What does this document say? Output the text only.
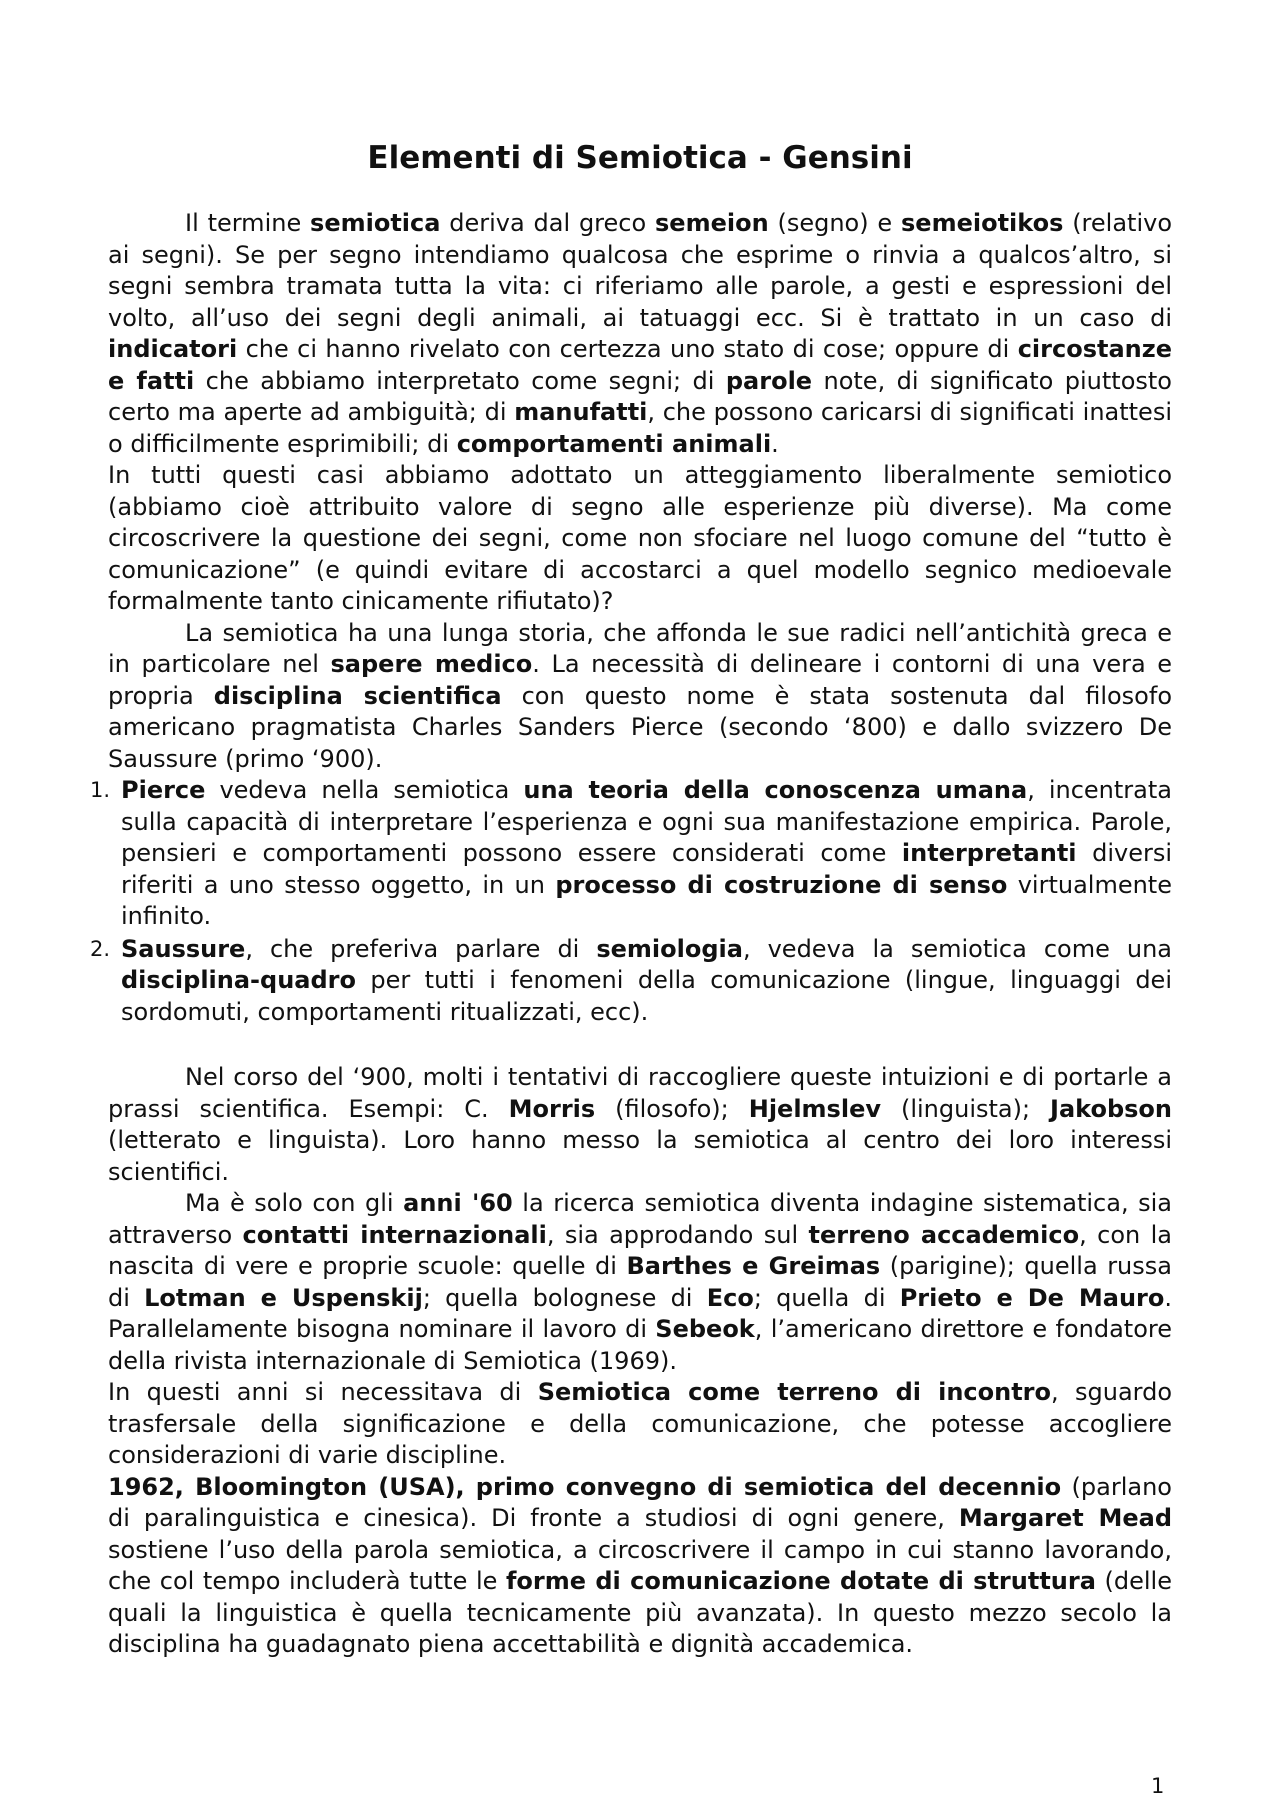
Elementi di Semiotica - Gensini

Il termine semiotica deriva dal greco semeion (segno) e semeiotikos (relativo ai segni). Se per segno intendiamo qualcosa che esprime o rinvia a qualcos’altro, si segni sembra tramata tutta la vita: ci riferiamo alle parole, a gesti e espressioni del volto, all’uso dei segni degli animali, ai tatuaggi ecc. Si è trattato in un caso di indicatori che ci hanno rivelato con certezza uno stato di cose; oppure di circostanze e fatti che abbiamo interpretato come segni; di parole note, di significato piuttosto certo ma aperte ad ambiguità; di manufatti, che possono caricarsi di significati inattesi o difficilmente esprimibili; di comportamenti animali.

In tutti questi casi abbiamo adottato un atteggiamento liberalmente semiotico (abbiamo cioè attribuito valore di segno alle esperienze più diverse). Ma come circoscrivere la questione dei segni, come non sfociare nel luogo comune del “tutto è comunicazione” (e quindi evitare di accostarci a quel modello segnico medioevale formalmente tanto cinicamente rifiutato)?

La semiotica ha una lunga storia, che affonda le sue radici nell’antichità greca e in particolare nel sapere medico. La necessità di delineare i contorni di una vera e propria disciplina scientifica con questo nome è stata sostenuta dal filosofo americano pragmatista Charles Sanders Pierce (secondo ‘800) e dallo svizzero De Saussure (primo ‘900).

1. Pierce vedeva nella semiotica una teoria della conoscenza umana, incentrata sulla capacità di interpretare l’esperienza e ogni sua manifestazione empirica. Parole, pensieri e comportamenti possono essere considerati come interpretanti diversi riferiti a uno stesso oggetto, in un processo di costruzione di senso virtualmente infinito.
2. Saussure, che preferiva parlare di semiologia, vedeva la semiotica come una disciplina-quadro per tutti i fenomeni della comunicazione (lingue, linguaggi dei sordomuti, comportamenti ritualizzati, ecc).

Nel corso del ‘900, molti i tentativi di raccogliere queste intuizioni e di portarle a prassi scientifica. Esempi: C. Morris (filosofo); Hjelmslev (linguista); Jakobson (letterato e linguista). Loro hanno messo la semiotica al centro dei loro interessi scientifici.

Ma è solo con gli anni '60 la ricerca semiotica diventa indagine sistematica, sia attraverso contatti internazionali, sia approdando sul terreno accademico, con la nascita di vere e proprie scuole: quelle di Barthes e Greimas (parigine); quella russa di Lotman e Uspenskij; quella bolognese di Eco; quella di Prieto e De Mauro. Parallelamente bisogna nominare il lavoro di Sebeok, l’americano direttore e fondatore della rivista internazionale di Semiotica (1969).

In questi anni si necessitava di Semiotica come terreno di incontro, sguardo trasfersale della significazione e della comunicazione, che potesse accogliere considerazioni di varie discipline.

1962, Bloomington (USA), primo convegno di semiotica del decennio (parlano di paralinguistica e cinesica). Di fronte a studiosi di ogni genere, Margaret Mead sostiene l’uso della parola semiotica, a circoscrivere il campo in cui stanno lavorando, che col tempo includerà tutte le forme di comunicazione dotate di struttura (delle quali la linguistica è quella tecnicamente più avanzata). In questo mezzo secolo la disciplina ha guadagnato piena accettabilità e dignità accademica.

1
